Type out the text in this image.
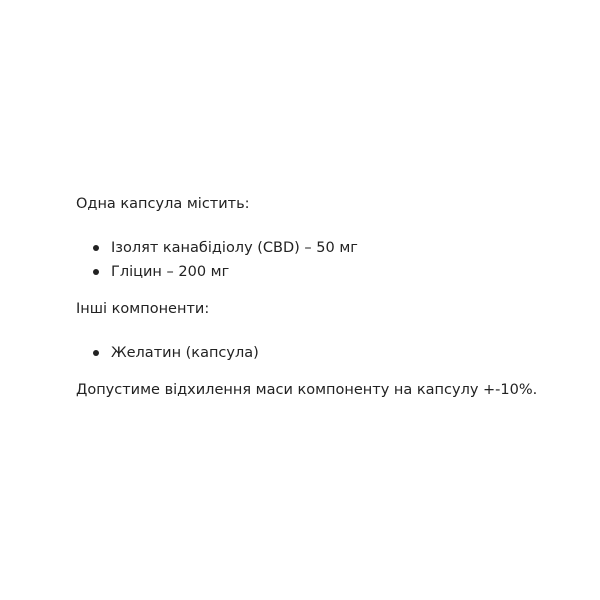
Одна капсула містить:

Ізолят канабідіолу (CBD) – 50 мг
Гліцин – 200 мг

Інші компоненти:

Желатин (капсула)

Допустиме відхилення маси компоненту на капсулу +-10%.
